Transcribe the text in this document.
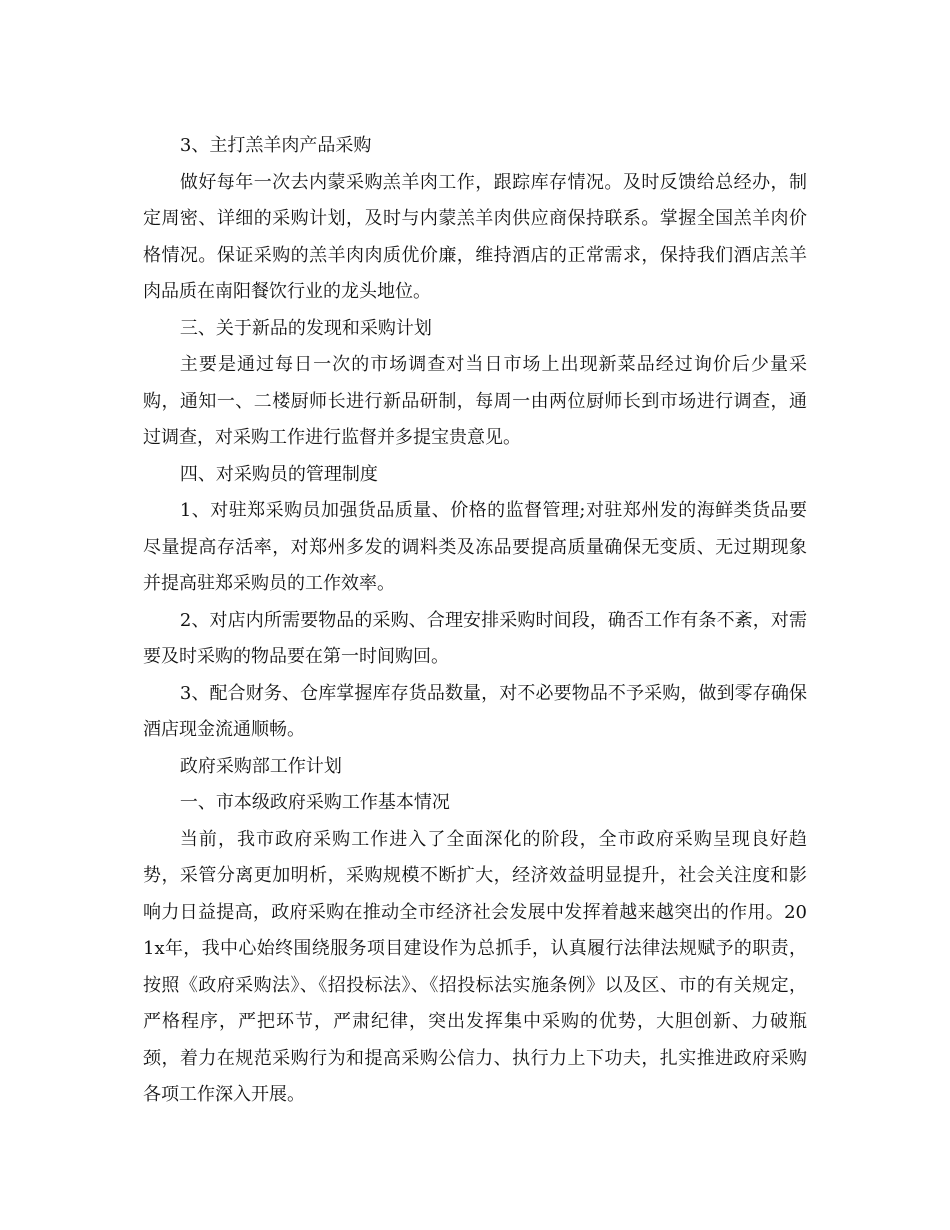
3、主打羔羊肉产品采购

做好每年一次去内蒙采购羔羊肉工作，跟踪库存情况。及时反馈给总经办，制定周密、详细的采购计划，及时与内蒙羔羊肉供应商保持联系。掌握全国羔羊肉价格情况。保证采购的羔羊肉肉质优价廉，维持酒店的正常需求，保持我们酒店羔羊肉品质在南阳餐饮行业的龙头地位。

三、关于新品的发现和采购计划

主要是通过每日一次的市场调查对当日市场上出现新菜品经过询价后少量采购，通知一、二楼厨师长进行新品研制，每周一由两位厨师长到市场进行调查，通过调查，对采购工作进行监督并多提宝贵意见。

四、对采购员的管理制度

1、对驻郑采购员加强货品质量、价格的监督管理;对驻郑州发的海鲜类货品要尽量提高存活率，对郑州多发的调料类及冻品要提高质量确保无变质、无过期现象并提高驻郑采购员的工作效率。

2、对店内所需要物品的采购、合理安排采购时间段，确否工作有条不紊，对需要及时采购的物品要在第一时间购回。

3、配合财务、仓库掌握库存货品数量，对不必要物品不予采购，做到零存确保酒店现金流通顺畅。

政府采购部工作计划

一、市本级政府采购工作基本情况

当前，我市政府采购工作进入了全面深化的阶段，全市政府采购呈现良好趋势，采管分离更加明析，采购规模不断扩大，经济效益明显提升，社会关注度和影响力日益提高，政府采购在推动全市经济社会发展中发挥着越来越突出的作用。201x年，我中心始终围绕服务项目建设作为总抓手，认真履行法律法规赋予的职责，按照《政府采购法》、《招投标法》、《招投标法实施条例》以及区、市的有关规定，严格程序，严把环节，严肃纪律，突出发挥集中采购的优势，大胆创新、力破瓶颈，着力在规范采购行为和提高采购公信力、执行力上下功夫，扎实推进政府采购各项工作深入开展。
